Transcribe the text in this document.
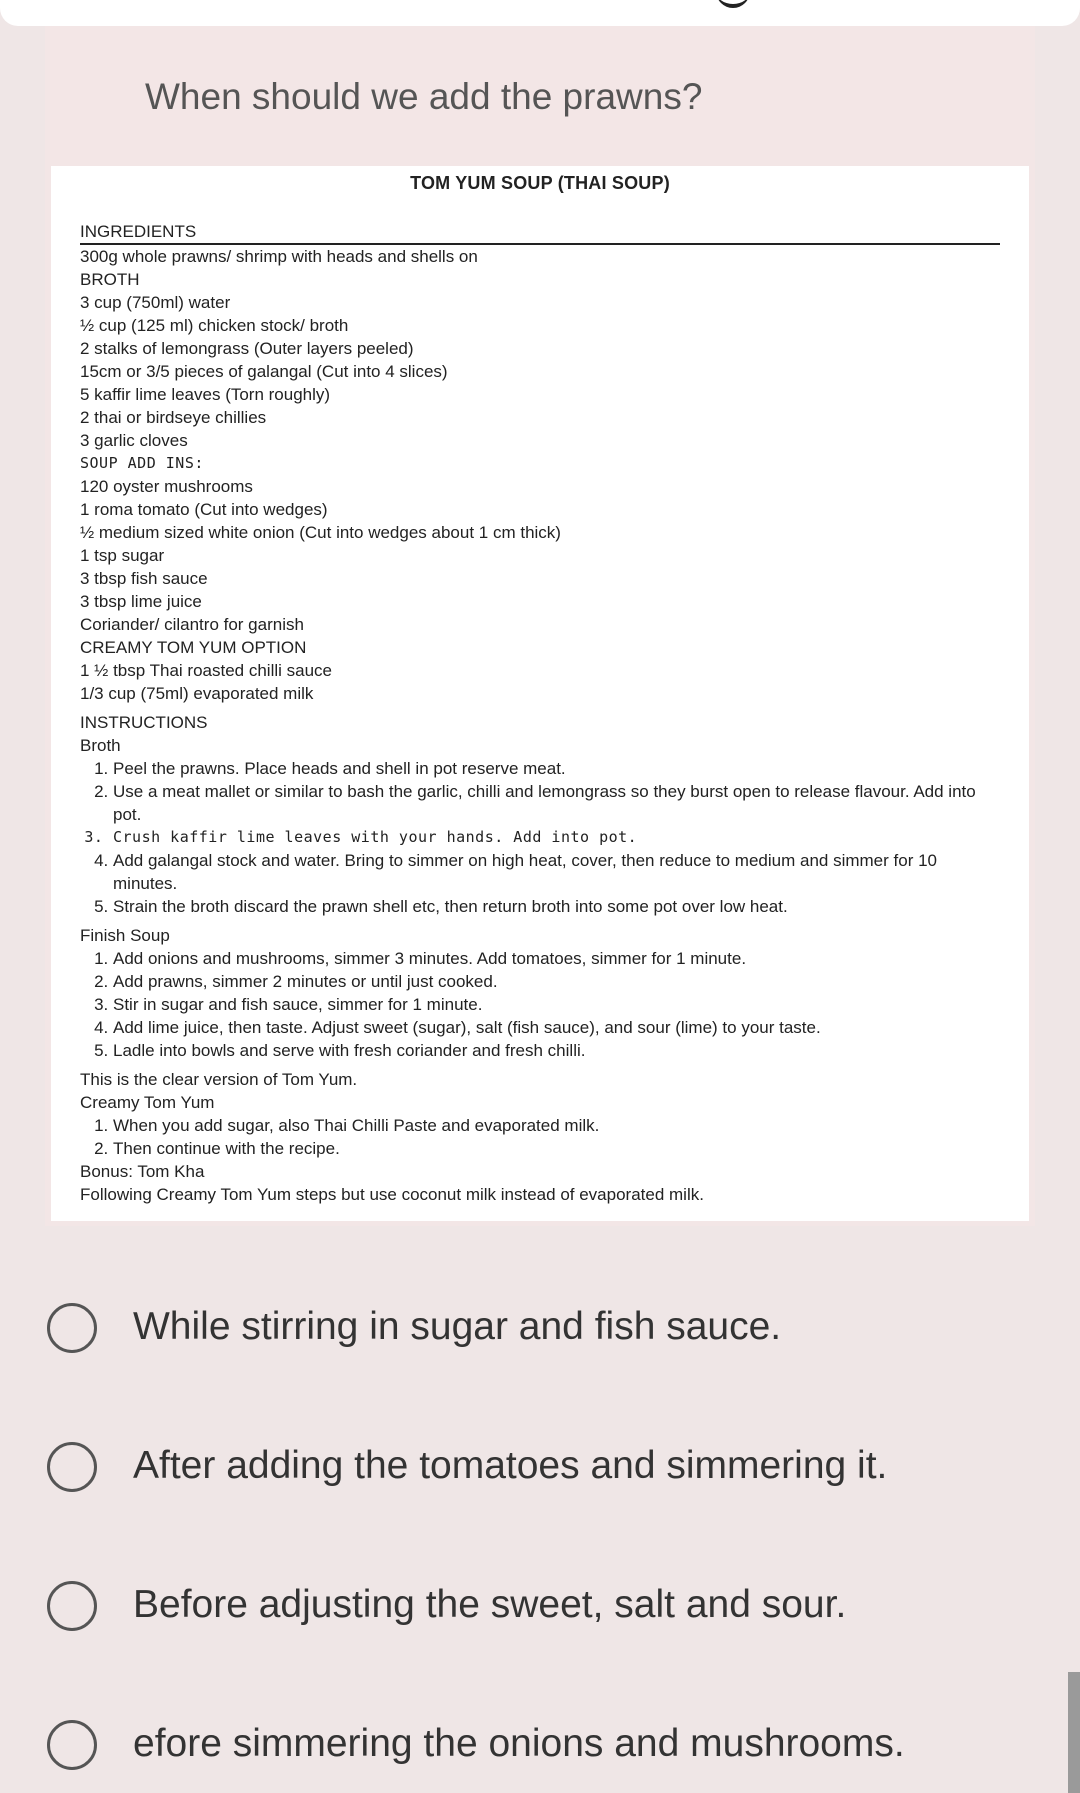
When should we add the prawns?
TOM YUM SOUP (THAI SOUP)
INGREDIENTS
300g whole prawns/ shrimp with heads and shells on
BROTH
3 cup (750ml) water
½ cup (125 ml) chicken stock/ broth
2 stalks of lemongrass (Outer layers peeled)
15cm or 3/5 pieces of galangal (Cut into 4 slices)
5 kaffir lime leaves (Torn roughly)
2 thai or birdseye chillies
3 garlic cloves
SOUP ADD INS:
120 oyster mushrooms
1 roma tomato (Cut into wedges)
½ medium sized white onion (Cut into wedges about 1 cm thick)
1 tsp sugar
3 tbsp fish sauce
3 tbsp lime juice
Coriander/ cilantro for garnish
CREAMY TOM YUM OPTION
1 ½ tbsp Thai roasted chilli sauce
1/3 cup (75ml) evaporated milk
INSTRUCTIONS
Broth
1. Peel the prawns. Place heads and shell in pot reserve meat.
2. Use a meat mallet or similar to bash the garlic, chilli and lemongrass so they burst open to release flavour. Add into pot.
3. Crush kaffir lime leaves with your hands. Add into pot.
4. Add galangal stock and water. Bring to simmer on high heat, cover, then reduce to medium and simmer for 10 minutes.
5. Strain the broth discard the prawn shell etc, then return broth into some pot over low heat.
Finish Soup
1. Add onions and mushrooms, simmer 3 minutes. Add tomatoes, simmer for 1 minute.
2. Add prawns, simmer 2 minutes or until just cooked.
3. Stir in sugar and fish sauce, simmer for 1 minute.
4. Add lime juice, then taste. Adjust sweet (sugar), salt (fish sauce), and sour (lime) to your taste.
5. Ladle into bowls and serve with fresh coriander and fresh chilli.
This is the clear version of Tom Yum.
Creamy Tom Yum
1. When you add sugar, also Thai Chilli Paste and evaporated milk.
2. Then continue with the recipe.
Bonus: Tom Kha
Following Creamy Tom Yum steps but use coconut milk instead of evaporated milk.
While stirring in sugar and fish sauce.
After adding the tomatoes and simmering it.
Before adjusting the sweet, salt and sour.
efore simmering the onions and mushrooms.
